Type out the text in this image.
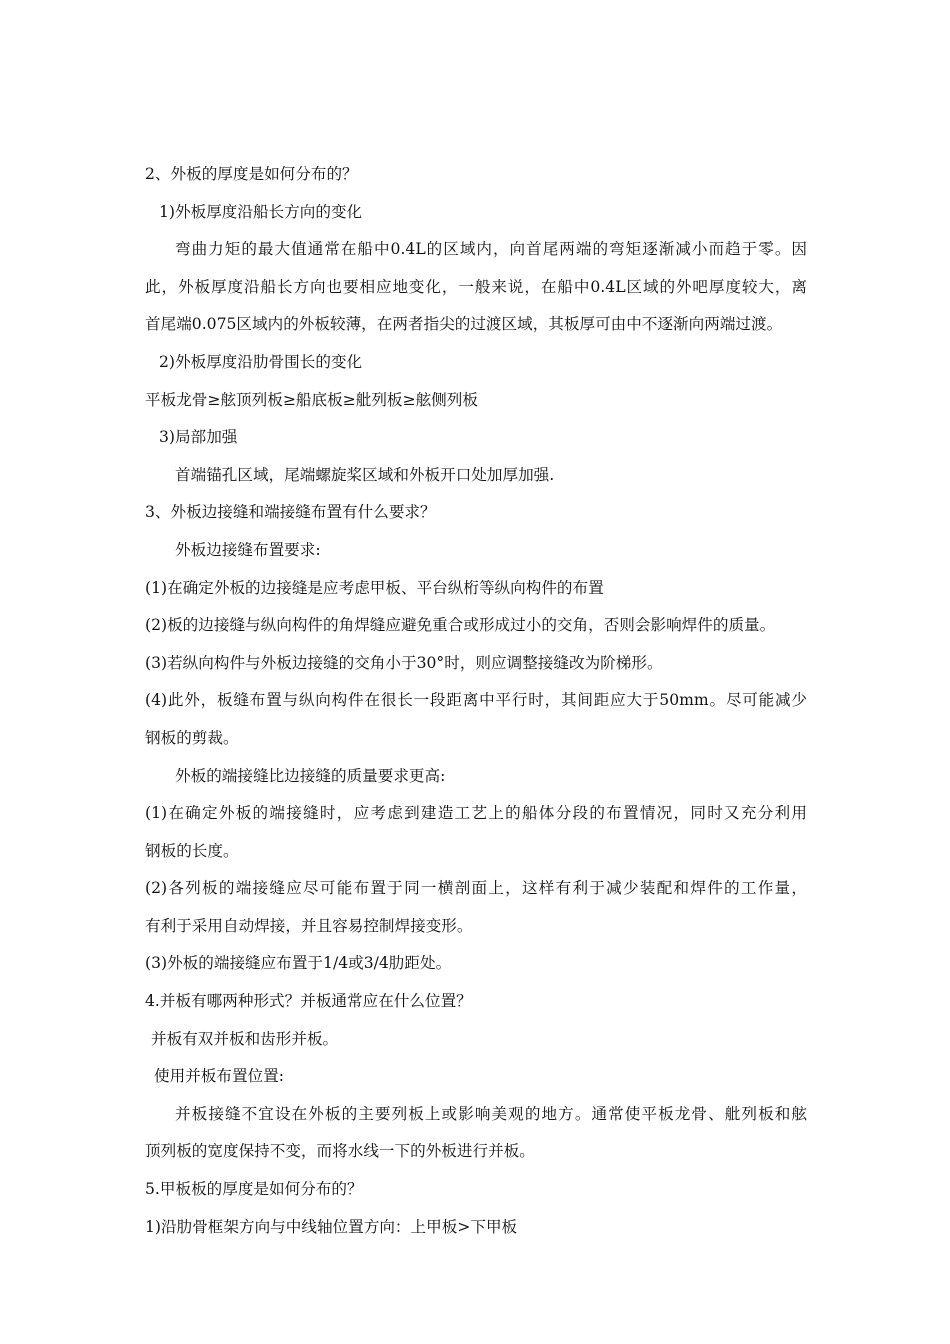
2、外板的厚度是如何分布的？
1)外板厚度沿船长方向的变化
弯曲力矩的最大值通常在船中0.4L的区域内，向首尾两端的弯矩逐渐减小而趋于零。因
此，外板厚度沿船长方向也要相应地变化，一般来说，在船中0.4L区域的外吧厚度较大，离
首尾端0.075区域内的外板较薄，在两者指尖的过渡区域，其板厚可由中不逐渐向两端过渡。
2)外板厚度沿肋骨围长的变化
平板龙骨≥舷顶列板≥船底板≥舭列板≥舷侧列板
3)局部加强
首端锚孔区域，尾端螺旋桨区域和外板开口处加厚加强.
3、外板边接缝和端接缝布置有什么要求？
外板边接缝布置要求:
(1)在确定外板的边接缝是应考虑甲板、平台纵桁等纵向构件的布置
(2)板的边接缝与纵向构件的角焊缝应避免重合或形成过小的交角，否则会影响焊件的质量。
(3)若纵向构件与外板边接缝的交角小于30°时，则应调整接缝改为阶梯形。
(4)此外，板缝布置与纵向构件在很长一段距离中平行时，其间距应大于50mm。尽可能减少
钢板的剪裁。
外板的端接缝比边接缝的质量要求更高:
(1)在确定外板的端接缝时，应考虑到建造工艺上的船体分段的布置情况，同时又充分利用
钢板的长度。
(2)各列板的端接缝应尽可能布置于同一横剖面上，这样有利于减少装配和焊件的工作量，
有利于采用自动焊接，并且容易控制焊接变形。
(3)外板的端接缝应布置于1/4或3/4肋距处。
4.并板有哪两种形式？并板通常应在什么位置？
并板有双并板和齿形并板。
使用并板布置位置:
并板接缝不宜设在外板的主要列板上或影响美观的地方。通常使平板龙骨、舭列板和舷
顶列板的宽度保持不变，而将水线一下的外板进行并板。
5.甲板板的厚度是如何分布的？
1)沿肋骨框架方向与中线轴位置方向：上甲板>下甲板
